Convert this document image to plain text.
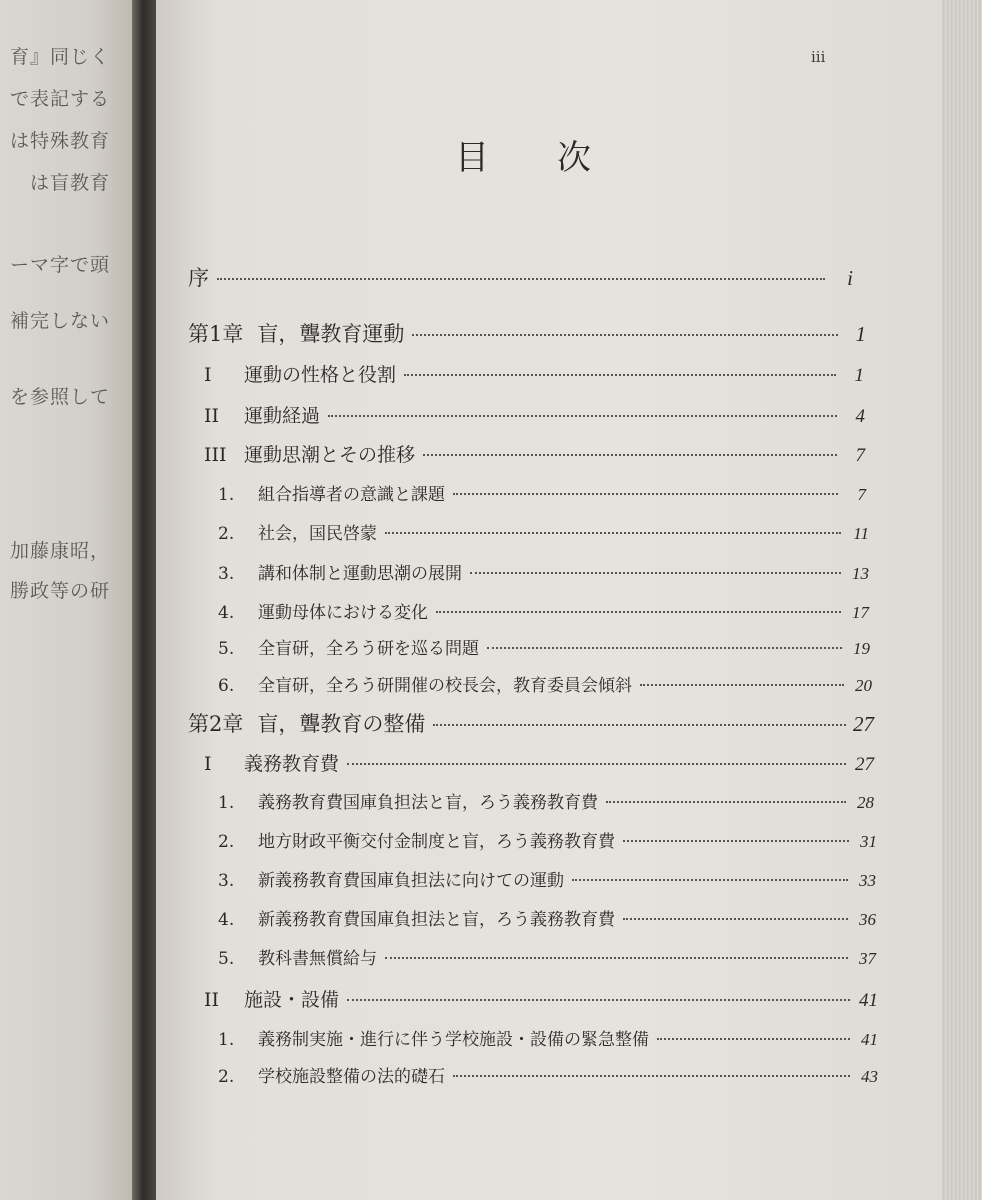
育』同じく
で表記する
は特殊教育
は盲教育
ーマ字で頭
補完しない
を参照して
加藤康昭，
勝政等の研
iii
目次
序	i
第1章 盲，聾教育運動	1
I	運動の性格と役割	1
II	運動経過	4
III 運動思潮とその推移	7
1.	組合指導者の意識と課題	7
2.	社会，国民啓蒙	11
3.	講和体制と運動思潮の展開	13
4.	運動母体における変化	17
5.	全盲研，全ろう研を巡る問題	19
6.	全盲研，全ろう研開催の校長会，教育委員会傾斜	20
第2章 盲，聾教育の整備	27
I	義務教育費	27
1.	義務教育費国庫負担法と盲，ろう義務教育費	28
2.	地方財政平衡交付金制度と盲，ろう義務教育費	31
3.	新義務教育費国庫負担法に向けての運動	33
4.	新義務教育費国庫負担法と盲，ろう義務教育費	36
5.	教科書無償給与	37
II	施設・設備	41
1.	義務制実施・進行に伴う学校施設・設備の緊急整備	41
2.	学校施設整備の法的礎石	43
